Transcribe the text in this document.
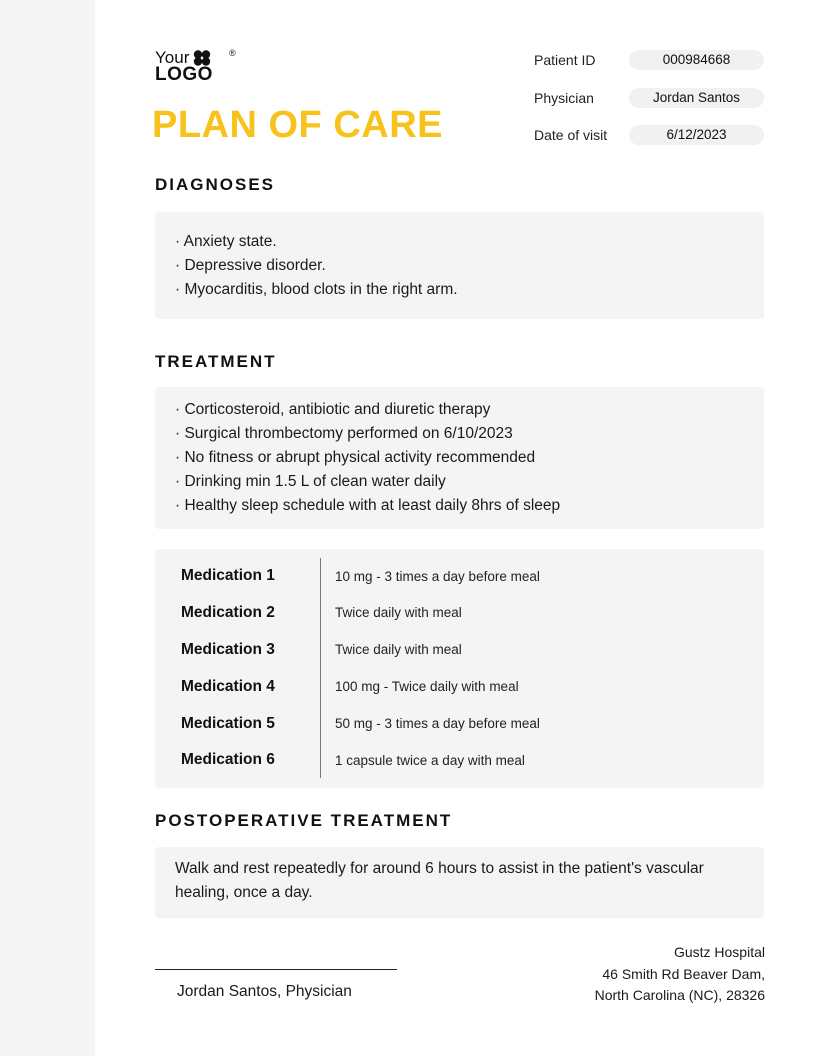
Your	®
LOGO
PLAN OF CARE
Patient ID	000984668
Physician	Jordan Santos
Date of visit	6/12/2023
DIAGNOSES
· Anxiety state.
· Depressive disorder.
· Myocarditis, blood clots in the right arm.
TREATMENT
· Corticosteroid, antibiotic and diuretic therapy
· Surgical thrombectomy performed on 6/10/2023
· No fitness or abrupt physical activity recommended
· Drinking min 1.5 L of clean water daily
· Healthy sleep schedule with at least daily 8hrs of sleep
Medication 1	10 mg - 3 times a day before meal
Medication 2	Twice daily with meal
Medication 3	Twice daily with meal
Medication 4	100 mg - Twice daily with meal
Medication 5	50 mg - 3 times a day before meal
Medication 6	1 capsule twice a day with meal
POSTOPERATIVE TREATMENT
Walk and rest repeatedly for around 6 hours to assist in the patient's vascular healing, once a day.
Jordan Santos, Physician
Gustz Hospital
46 Smith Rd Beaver Dam,
North Carolina (NC), 28326
